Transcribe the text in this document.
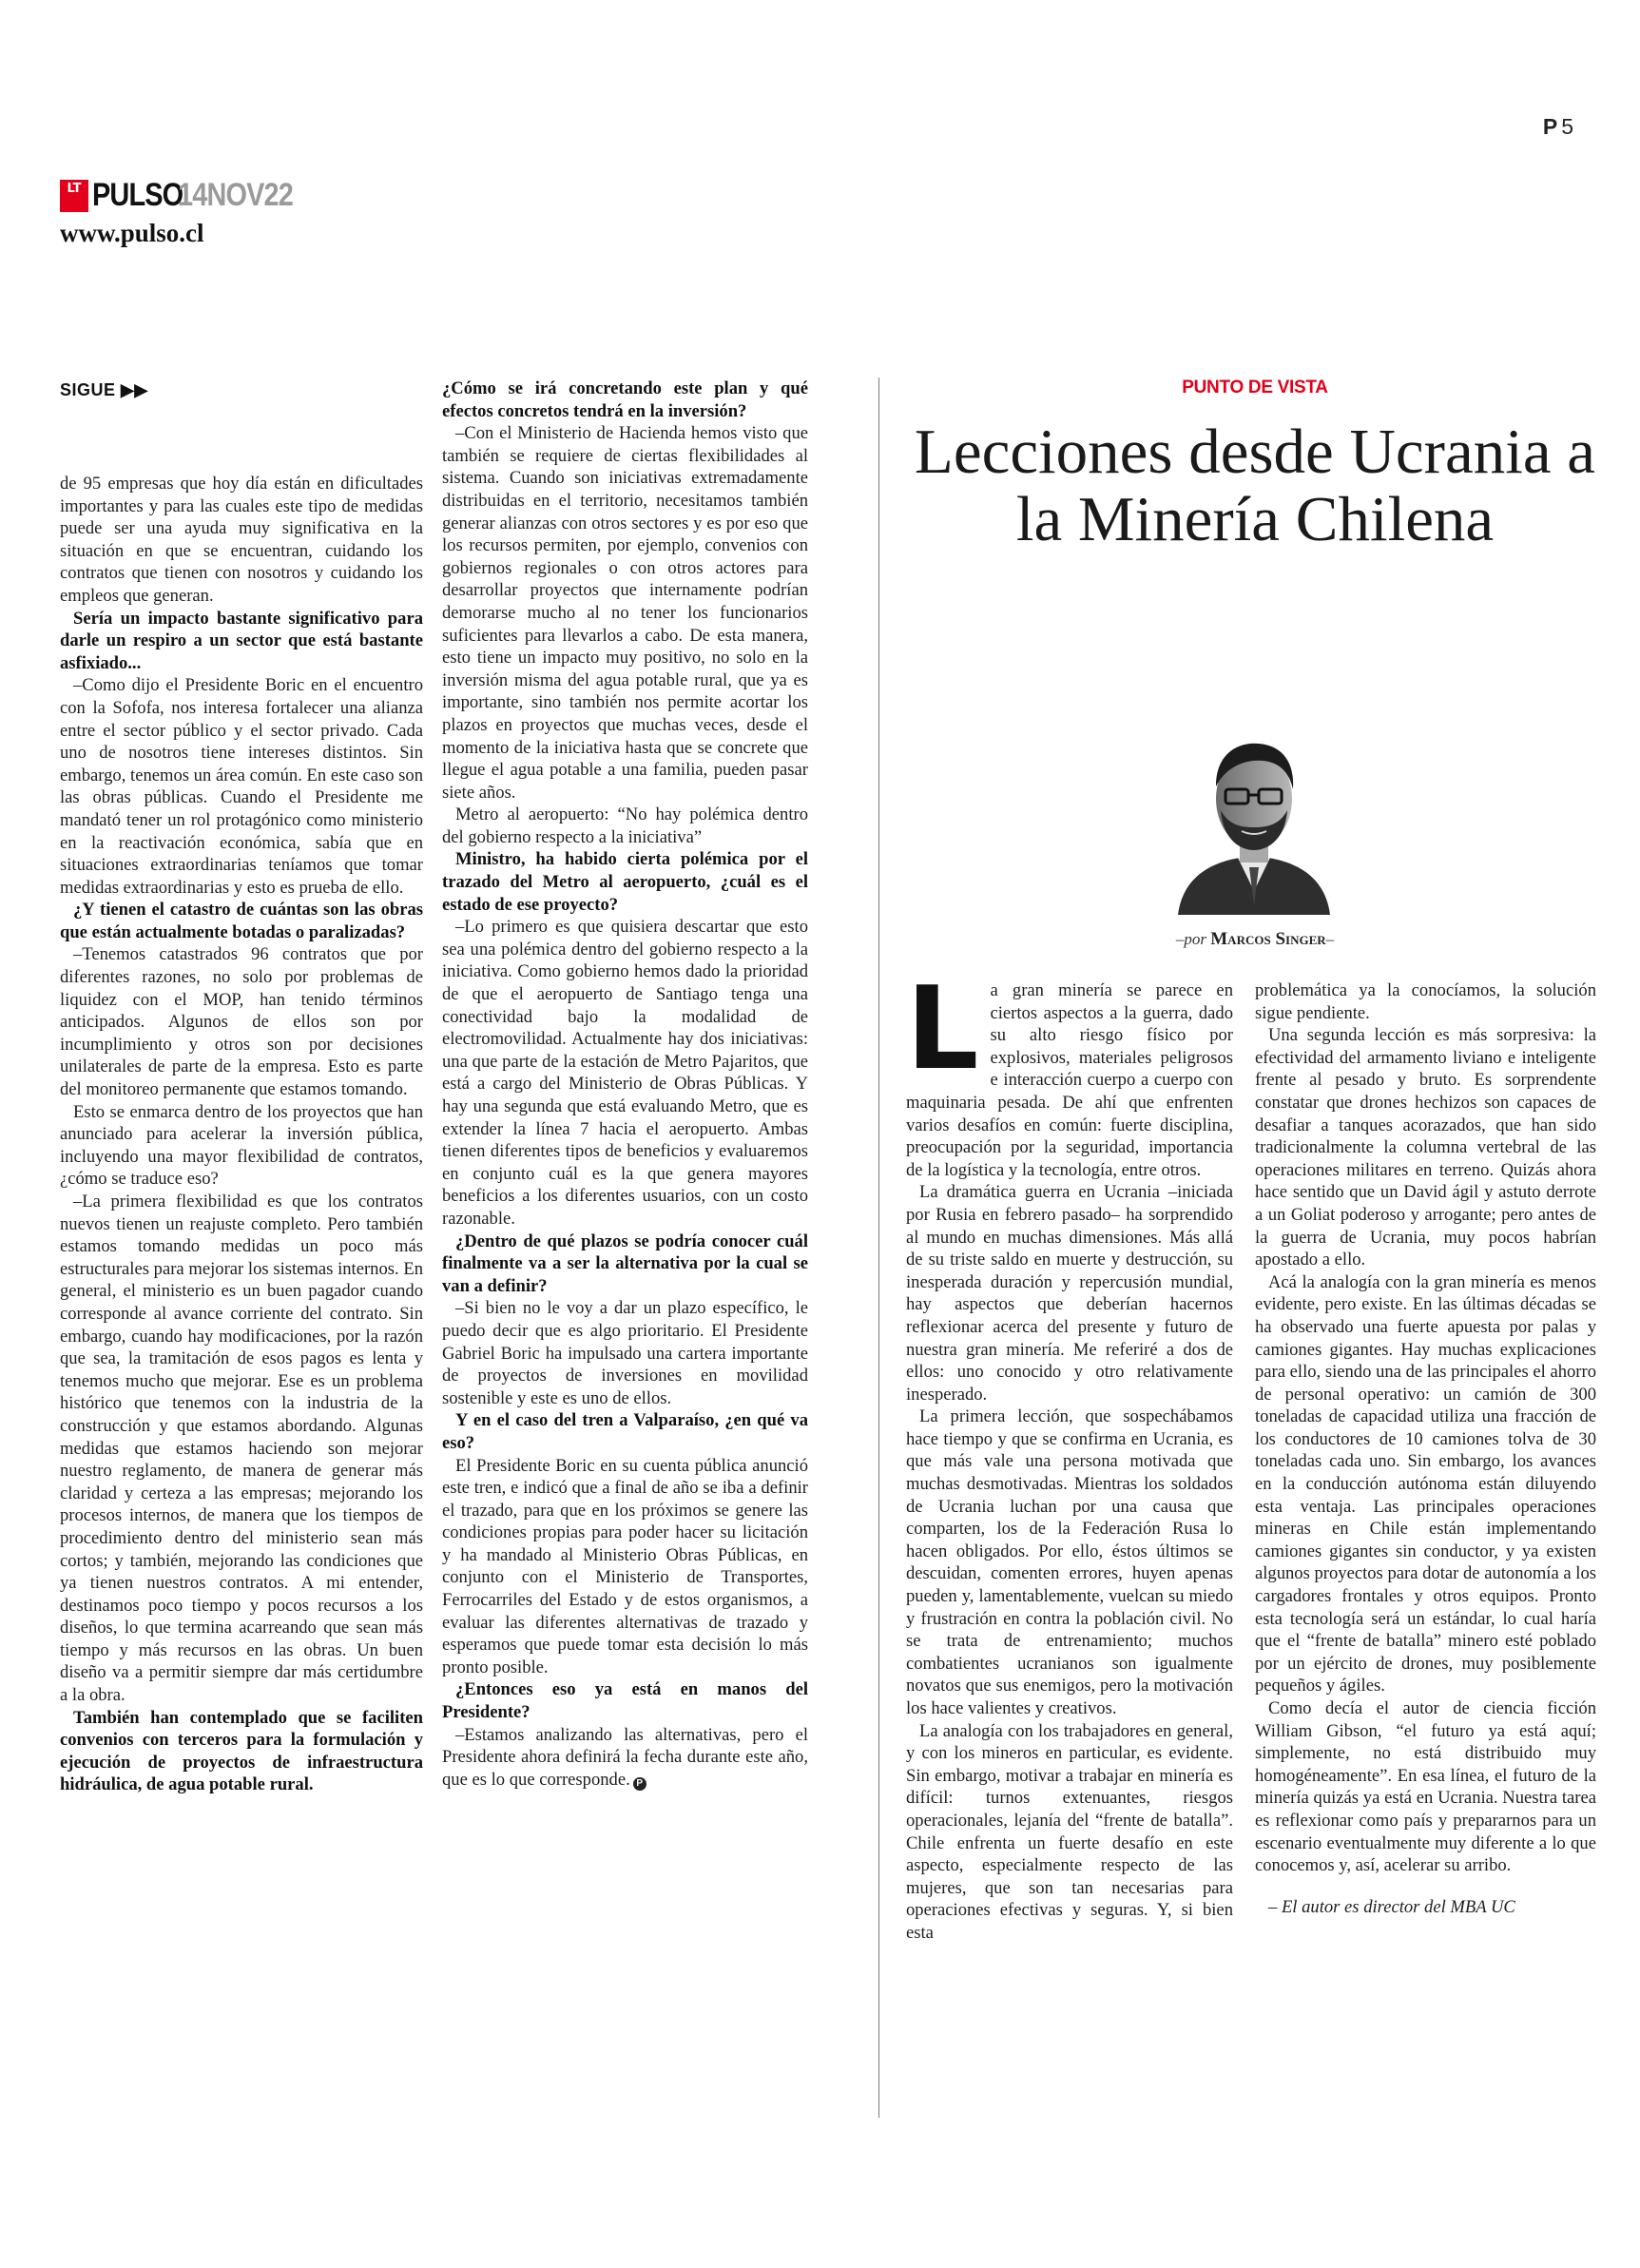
P 5
LT PULSO
14NOV22
www.pulso.cl
SIGUE ▶▶

de 95 empresas que hoy día están en dificultades importantes y para las cuales este tipo de medidas puede ser una ayuda muy significativa en la situación en que se encuentran, cuidando los contratos que tienen con nosotros y cuidando los empleos que generan.

Sería un impacto bastante significativo para darle un respiro a un sector que está bastante asfixiado...

–Como dijo el Presidente Boric en el encuentro con la Sofofa, nos interesa fortalecer una alianza entre el sector público y el sector privado. Cada uno de nosotros tiene intereses distintos. Sin embargo, tenemos un área común. En este caso son las obras públicas. Cuando el Presidente me mandató tener un rol protagónico como ministerio en la reactivación económica, sabía que en situaciones extraordinarias teníamos que tomar medidas extraordinarias y esto es prueba de ello.

¿Y tienen el catastro de cuántas son las obras que están actualmente botadas o paralizadas?

–Tenemos catastrados 96 contratos que por diferentes razones, no solo por problemas de liquidez con el MOP, han tenido términos anticipados. Algunos de ellos son por incumplimiento y otros son por decisiones unilaterales de parte de la empresa. Esto es parte del monitoreo permanente que estamos tomando.

Esto se enmarca dentro de los proyectos que han anunciado para acelerar la inversión pública, incluyendo una mayor flexibilidad de contratos, ¿cómo se traduce eso?

–La primera flexibilidad es que los contratos nuevos tienen un reajuste completo. Pero también estamos tomando medidas un poco más estructurales para mejorar los sistemas internos. En general, el ministerio es un buen pagador cuando corresponde al avance corriente del contrato. Sin embargo, cuando hay modificaciones, por la razón que sea, la tramitación de esos pagos es lenta y tenemos mucho que mejorar. Ese es un problema histórico que tenemos con la industria de la construcción y que estamos abordando. Algunas medidas que estamos haciendo son mejorar nuestro reglamento, de manera de generar más claridad y certeza a las empresas; mejorando los procesos internos, de manera que los tiempos de procedimiento dentro del ministerio sean más cortos; y también, mejorando las condiciones que ya tienen nuestros contratos. A mi entender, destinamos poco tiempo y pocos recursos a los diseños, lo que termina acarreando que sean más tiempo y más recursos en las obras. Un buen diseño va a permitir siempre dar más certidumbre a la obra.

También han contemplado que se faciliten convenios con terceros para la formulación y ejecución de proyectos de infraestructura hidráulica, de agua potable rural.

¿Cómo se irá concretando este plan y qué efectos concretos tendrá en la inversión?

–Con el Ministerio de Hacienda hemos visto que también se requiere de ciertas flexibilidades al sistema. Cuando son iniciativas extremadamente distribuidas en el territorio, necesitamos también generar alianzas con otros sectores y es por eso que los recursos permiten, por ejemplo, convenios con gobiernos regionales o con otros actores para desarrollar proyectos que internamente podrían demorarse mucho al no tener los funcionarios suficientes para llevarlos a cabo. De esta manera, esto tiene un impacto muy positivo, no solo en la inversión misma del agua potable rural, que ya es importante, sino también nos permite acortar los plazos en proyectos que muchas veces, desde el momento de la iniciativa hasta que se concrete que llegue el agua potable a una familia, pueden pasar siete años.

Metro al aeropuerto: “No hay polémica dentro del gobierno respecto a la iniciativa”

Ministro, ha habido cierta polémica por el trazado del Metro al aeropuerto, ¿cuál es el estado de ese proyecto?

–Lo primero es que quisiera descartar que esto sea una polémica dentro del gobierno respecto a la iniciativa. Como gobierno hemos dado la prioridad de que el aeropuerto de Santiago tenga una conectividad bajo la modalidad de electromovilidad. Actualmente hay dos iniciativas: una que parte de la estación de Metro Pajaritos, que está a cargo del Ministerio de Obras Públicas. Y hay una segunda que está evaluando Metro, que es extender la línea 7 hacia el aeropuerto. Ambas tienen diferentes tipos de beneficios y evaluaremos en conjunto cuál es la que genera mayores beneficios a los diferentes usuarios, con un costo razonable.

¿Dentro de qué plazos se podría conocer cuál finalmente va a ser la alternativa por la cual se van a definir?

–Si bien no le voy a dar un plazo específico, le puedo decir que es algo prioritario. El Presidente Gabriel Boric ha impulsado una cartera importante de proyectos de inversiones en movilidad sostenible y este es uno de ellos.

Y en el caso del tren a Valparaíso, ¿en qué va eso?

El Presidente Boric en su cuenta pública anunció este tren, e indicó que a final de año se iba a definir el trazado, para que en los próximos se genere las condiciones propias para poder hacer su licitación y ha mandado al Ministerio Obras Públicas, en conjunto con el Ministerio de Transportes, Ferrocarriles del Estado y de estos organismos, a evaluar las diferentes alternativas de trazado y esperamos que puede tomar esta decisión lo más pronto posible.

¿Entonces eso ya está en manos del Presidente?

–Estamos analizando las alternativas, pero el Presidente ahora definirá la fecha durante este año, que es lo que corresponde. P

PUNTO DE VISTA
Lecciones desde Ucrania a la Minería Chilena
–por Marcos Singer–

La gran minería se parece en ciertos aspectos a la guerra, dado su alto riesgo físico por explosivos, materiales peligrosos e interacción cuerpo a cuerpo con maquinaria pesada. De ahí que enfrenten varios desafíos en común: fuerte disciplina, preocupación por la seguridad, importancia de la logística y la tecnología, entre otros.

La dramática guerra en Ucrania –iniciada por Rusia en febrero pasado– ha sorprendido al mundo en muchas dimensiones. Más allá de su triste saldo en muerte y destrucción, su inesperada duración y repercusión mundial, hay aspectos que deberían hacernos reflexionar acerca del presente y futuro de nuestra gran minería. Me referiré a dos de ellos: uno conocido y otro relativamente inesperado.

La primera lección, que sospechábamos hace tiempo y que se confirma en Ucrania, es que más vale una persona motivada que muchas desmotivadas. Mientras los soldados de Ucrania luchan por una causa que comparten, los de la Federación Rusa lo hacen obligados. Por ello, éstos últimos se descuidan, comenten errores, huyen apenas pueden y, lamentablemente, vuelcan su miedo y frustración en contra la población civil. No se trata de entrenamiento; muchos combatientes ucranianos son igualmente novatos que sus enemigos, pero la motivación los hace valientes y creativos.

La analogía con los trabajadores en general, y con los mineros en particular, es evidente. Sin embargo, motivar a trabajar en minería es difícil: turnos extenuantes, riesgos operacionales, lejanía del “frente de batalla”. Chile enfrenta un fuerte desafío en este aspecto, especialmente respecto de las mujeres, que son tan necesarias para operaciones efectivas y seguras. Y, si bien esta

problemática ya la conocíamos, la solución sigue pendiente.

Una segunda lección es más sorpresiva: la efectividad del armamento liviano e inteligente frente al pesado y bruto. Es sorprendente constatar que drones hechizos son capaces de desafiar a tanques acorazados, que han sido tradicionalmente la columna vertebral de las operaciones militares en terreno. Quizás ahora hace sentido que un David ágil y astuto derrote a un Goliat poderoso y arrogante; pero antes de la guerra de Ucrania, muy pocos habrían apostado a ello.

Acá la analogía con la gran minería es menos evidente, pero existe. En las últimas décadas se ha observado una fuerte apuesta por palas y camiones gigantes. Hay muchas explicaciones para ello, siendo una de las principales el ahorro de personal operativo: un camión de 300 toneladas de capacidad utiliza una fracción de los conductores de 10 camiones tolva de 30 toneladas cada uno. Sin embargo, los avances en la conducción autónoma están diluyendo esta ventaja. Las principales operaciones mineras en Chile están implementando camiones gigantes sin conductor, y ya existen algunos proyectos para dotar de autonomía a los cargadores frontales y otros equipos. Pronto esta tecnología será un estándar, lo cual haría que el “frente de batalla” minero esté poblado por un ejército de drones, muy posiblemente pequeños y ágiles.

Como decía el autor de ciencia ficción William Gibson, “el futuro ya está aquí; simplemente, no está distribuido muy homogéneamente”. En esa línea, el futuro de la minería quizás ya está en Ucrania. Nuestra tarea es reflexionar como país y prepararnos para un escenario eventualmente muy diferente a lo que conocemos y, así, acelerar su arribo.

– El autor es director del MBA UC
